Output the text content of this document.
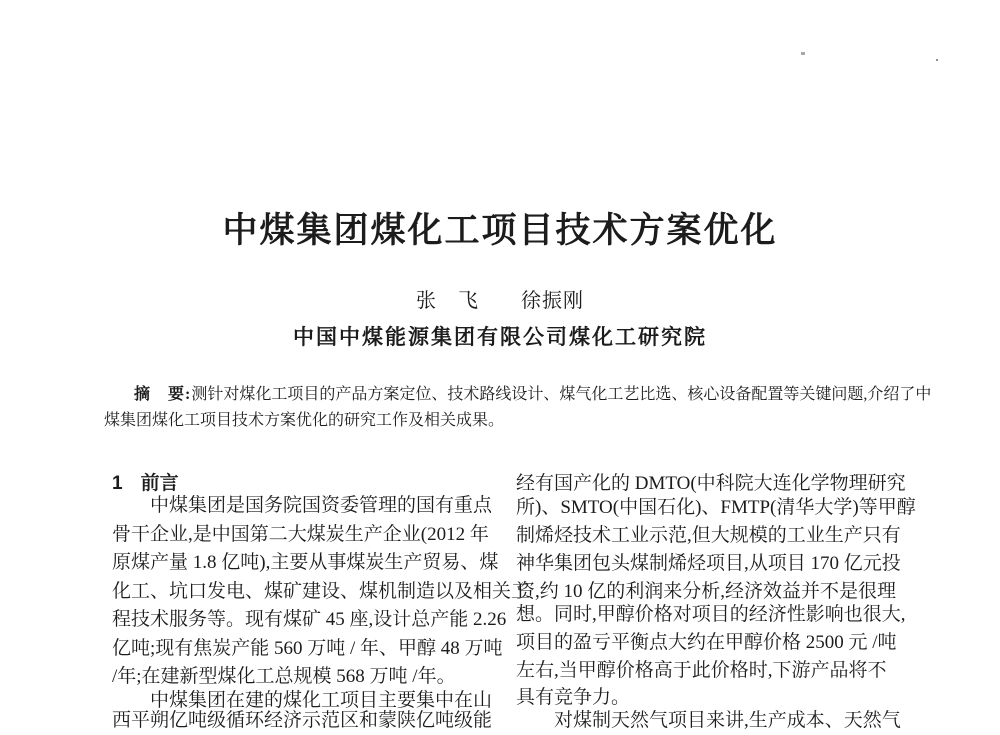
中煤集团煤化工项目技术方案优化
张　飞　　徐振刚
中国中煤能源集团有限公司煤化工研究院
摘　要:测针对煤化工项目的产品方案定位、技术路线设计、煤气化工艺比选、核心设备配置等关键问题,介绍了中
煤集团煤化工项目技术方案优化的研究工作及相关成果。
1 前言
中煤集团是国务院国资委管理的国有重点
骨干企业,是中国第二大煤炭生产企业(2012 年
原煤产量 1.8 亿吨),主要从事煤炭生产贸易、煤
化工、坑口发电、煤矿建设、煤机制造以及相关工
程技术服务等。现有煤矿 45 座,设计总产能 2.26
亿吨;现有焦炭产能 560 万吨 / 年、甲醇 48 万吨
/年;在建新型煤化工总规模 568 万吨 /年。
中煤集团在建的煤化工项目主要集中在山
西平朔亿吨级循环经济示范区和蒙陕亿吨级能
经有国产化的 DMTO(中科院大连化学物理研究
所)、SMTO(中国石化)、FMTP(清华大学)等甲醇
制烯烃技术工业示范,但大规模的工业生产只有
神华集团包头煤制烯烃项目,从项目 170 亿元投
资,约 10 亿的利润来分析,经济效益并不是很理
想。同时,甲醇价格对项目的经济性影响也很大,
项目的盈亏平衡点大约在甲醇价格 2500 元 /吨
左右,当甲醇价格高于此价格时,下游产品将不
具有竞争力。
对煤制天然气项目来讲,生产成本、天然气
